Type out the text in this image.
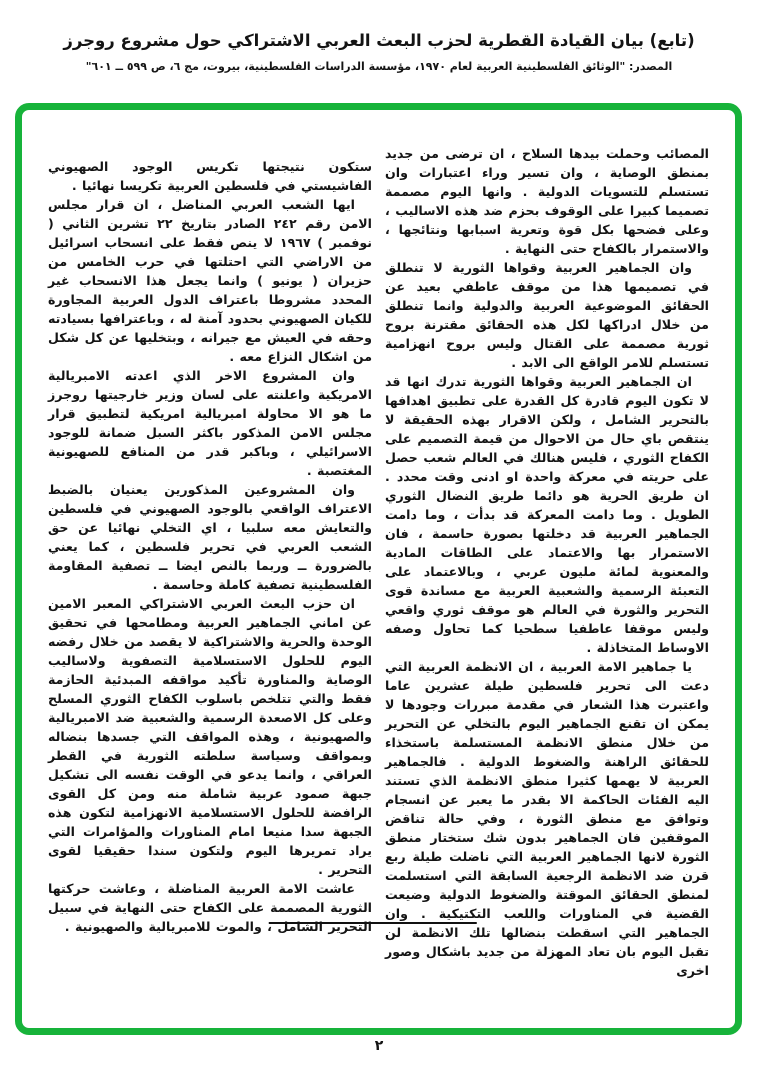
(تابع) بيان القيادة القطرية لحزب البعث العربي الاشتراكي حول مشروع روجرز
المصدر: "الوثائق الفلسطينية العربية لعام ١٩٧٠، مؤسسة الدراسات الفلسطينية، بيروت، مج ٦، ص ٥٩٩ ــ ٦٠١"

المصائب وحملت بيدها السلاح ، ان ترضى من جديد بمنطق الوصاية ، وان تسير وراء اعتبارات وان تستسلم للتسويات الدولية . وانها اليوم مصممة تصميما كبيرا على الوقوف بحزم ضد هذه الاساليب ، وعلى فضحها بكل قوة وتعرية اسبابها ونتائجها ، والاستمرار بالكفاح حتى النهاية .

وان الجماهير العربية وقواها الثورية لا تنطلق في تصميمها هذا من موقف عاطفي بعيد عن الحقائق الموضوعية العربية والدولية وانما تنطلق من خلال ادراكها لكل هذه الحقائق مقترنة بروح ثورية مصممة على القتال وليس بروح انهزامية تستسلم للامر الواقع الى الابد .

ان الجماهير العربية وقواها الثورية تدرك انها قد لا تكون اليوم قادرة كل القدرة على تطبيق اهدافها بالتحرير الشامل ، ولكن الاقرار بهذه الحقيقة لا ينتقص باي حال من الاحوال من قيمة التصميم على الكفاح الثوري ، فليس هنالك في العالم شعب حصل على حريته في معركة واحدة او ادنى وقت محدد . ان طريق الحرية هو دائما طريق النضال الثوري الطويل . وما دامت المعركة قد بدأت ، وما دامت الجماهير العربية قد دخلتها بصورة حاسمة ، فان الاستمرار بها والاعتماد على الطاقات المادية والمعنوية لمائة مليون عربي ، وبالاعتماد على التعبئة الرسمية والشعبية العربية مع مساندة قوى التحرير والثورة في العالم هو موقف ثوري واقعي وليس موقفا عاطفيا سطحيا كما تحاول وصفه الاوساط المتخاذلة .

يا جماهير الامة العربية ، ان الانظمة العربية التي دعت الى تحرير فلسطين طيلة عشرين عاما واعتبرت هذا الشعار في مقدمة مبررات وجودها لا يمكن ان تقنع الجماهير اليوم بالتخلي عن التحرير من خلال منطق الانظمة المستسلمة باستخذاء للحقائق الراهنة والضغوط الدولية . فالجماهير العربية لا يهمها كثيرا منطق الانظمة الذي تستند اليه الفئات الحاكمة الا بقدر ما يعبر عن انسجام وتوافق مع منطق الثورة ، وفي حالة تناقض الموقفين فان الجماهير بدون شك ستختار منطق الثورة لانها الجماهير العربية التي ناضلت طيلة ربع قرن ضد الانظمة الرجعية السابقة التي استسلمت لمنطق الحقائق الموقتة والضغوط الدولية وضيعت القضية في المناورات واللعب التكتيكية . وان الجماهير التي اسقطت بنضالها تلك الانظمة لن تقبل اليوم بان تعاد المهزلة من جديد باشكال وصور اخرى

ستكون نتيجتها تكريس الوجود الصهيوني الفاشيستي في فلسطين العربية تكريسا نهائيا .

ايها الشعب العربي المناضل ، ان قرار مجلس الامن رقم ٢٤٢ الصادر بتاريخ ٢٢ تشرين الثاني ( نوفمبر ) ١٩٦٧ لا ينص فقط على انسحاب اسرائيل من الاراضي التي احتلتها في حرب الخامس من حزيران ( يونيو ) وانما يجعل هذا الانسحاب غير المحدد مشروطا باعتراف الدول العربية المجاورة للكيان الصهيوني بحدود آمنة له ، وباعترافها بسيادته وحقه في العيش مع جيرانه ، وبتخليها عن كل شكل من اشكال النزاع معه .

وان المشروع الاخر الذي اعدته الامبريالية الامريكية واعلنته على لسان وزير خارجيتها روجرز ما هو الا محاولة امبريالية امريكية لتطبيق قرار مجلس الامن المذكور باكثر السبل ضمانة للوجود الاسرائيلي ، وباكبر قدر من المنافع للصهيونية المغتصبة .

وان المشروعين المذكورين يعنيان بالضبط الاعتراف الواقعي بالوجود الصهيوني في فلسطين والتعايش معه سلبيا ، اي التخلي نهائيا عن حق الشعب العربي في تحرير فلسطين ، كما يعني بالضرورة ــ وربما بالنص ايضا ــ تصفية المقاومة الفلسطينية تصفية كاملة وحاسمة .

ان حزب البعث العربي الاشتراكي المعبر الامين عن اماني الجماهير العربية ومطامحها في تحقيق الوحدة والحرية والاشتراكية لا يقصد من خلال رفضه اليوم للحلول الاستسلامية التصفوية ولاساليب الوصاية والمناورة تأكيد مواقفه المبدئية الحازمة فقط والتي تتلخص باسلوب الكفاح الثوري المسلح وعلى كل الاصعدة الرسمية والشعبية ضد الامبريالية والصهيونية ، وهذه المواقف التي جسدها بنضاله وبمواقف وسياسة سلطته الثورية في القطر العراقي ، وانما يدعو في الوقت نفسه الى تشكيل جبهة صمود عربية شاملة منه ومن كل القوى الرافضة للحلول الاستسلامية الانهزامية لتكون هذه الجبهة سدا منيعا امام المناورات والمؤامرات التي يراد تمريرها اليوم ولتكون سندا حقيقيا لقوى التحرير .

عاشت الامة العربية المناضلة ، وعاشت حركتها الثورية المصممة على الكفاح حتى النهاية في سبيل التحرير الشامل ، والموت للامبريالية والصهيونية .

٢
